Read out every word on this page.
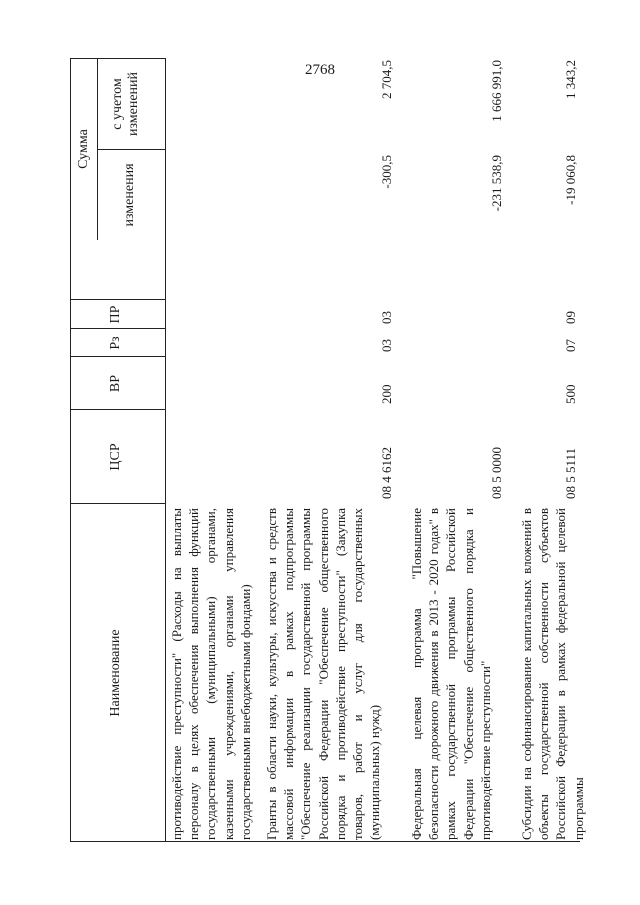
2768
Наименование
ЦСР
ВР
Рз
ПР
Сумма
изменения
с учетом изменений
противодействие преступности" (Расходы на выплаты персоналу в целях обеспечения выполнения функций государственными (муниципальными) органами, казенными учреждениями, органами управления государственными внебюджетными фондами) Гранты в области науки, культуры, искусства и средств массовой информации в рамках подпрограммы "Обеспечение реализации государственной программы Российской Федерации "Обеспечение общественного порядка и противодействие преступности" (Закупка товаров, работ и услуг для государственных (муниципальных) нужд)
08 4 6162
200
03
03
-300,5
2 704,5
Федеральная целевая программа "Повышение безопасности дорожного движения в 2013 - 2020 годах" в рамках государственной программы Российской Федерации "Обеспечение общественного порядка и противодействие преступности"
08 5 0000
-231 538,9
1 666 991,0
Субсидии на софинансирование капитальных вложений в объекты государственной собственности субъектов Российской Федерации в рамках федеральной целевой программы
08 5 5111
500
07
09
-19 060,8
1 343,2
